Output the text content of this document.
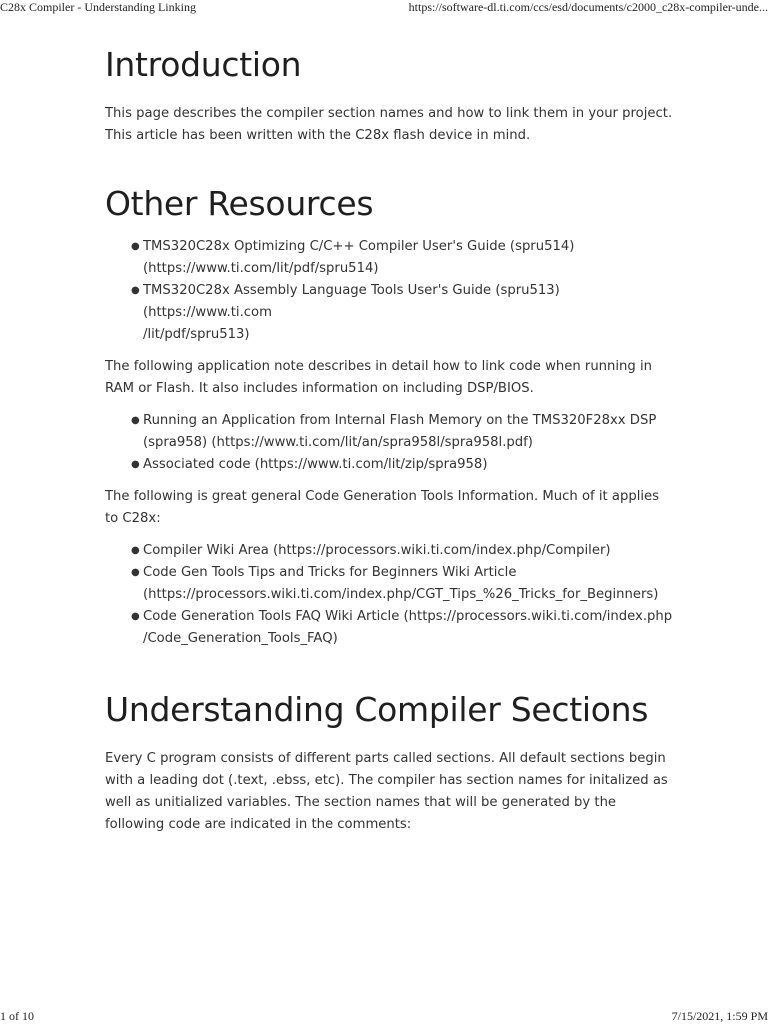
C28x Compiler - Understanding Linking	https://software-dl.ti.com/ccs/esd/documents/c2000_c28x-compiler-unde...
Introduction

This page describes the compiler section names and how to link them in your project. This article has been written with the C28x flash device in mind.

Other Resources
● TMS320C28x Optimizing C/C++ Compiler User's Guide (spru514)
(https://www.ti.com/lit/pdf/spru514)
● TMS320C28x Assembly Language Tools User's Guide (spru513) (https://www.ti.com
/lit/pdf/spru513)

The following application note describes in detail how to link code when running in RAM or Flash. It also includes information on including DSP/BIOS.

● Running an Application from Internal Flash Memory on the TMS320F28xx DSP
(spra958) (https://www.ti.com/lit/an/spra958l/spra958l.pdf)
● Associated code (https://www.ti.com/lit/zip/spra958)

The following is great general Code Generation Tools Information. Much of it applies to C28x:

● Compiler Wiki Area (https://processors.wiki.ti.com/index.php/Compiler)
● Code Gen Tools Tips and Tricks for Beginners Wiki Article
(https://processors.wiki.ti.com/index.php/CGT_Tips_%26_Tricks_for_Beginners)
● Code Generation Tools FAQ Wiki Article (https://processors.wiki.ti.com/index.php
/Code_Generation_Tools_FAQ)
Understanding Compiler Sections

Every C program consists of different parts called sections. All default sections begin with a leading dot (.text, .ebss, etc). The compiler has section names for initalized as well as unitialized variables. The section names that will be generated by the following code are indicated in the comments:

1 of 10	7/15/2021, 1:59 PM
